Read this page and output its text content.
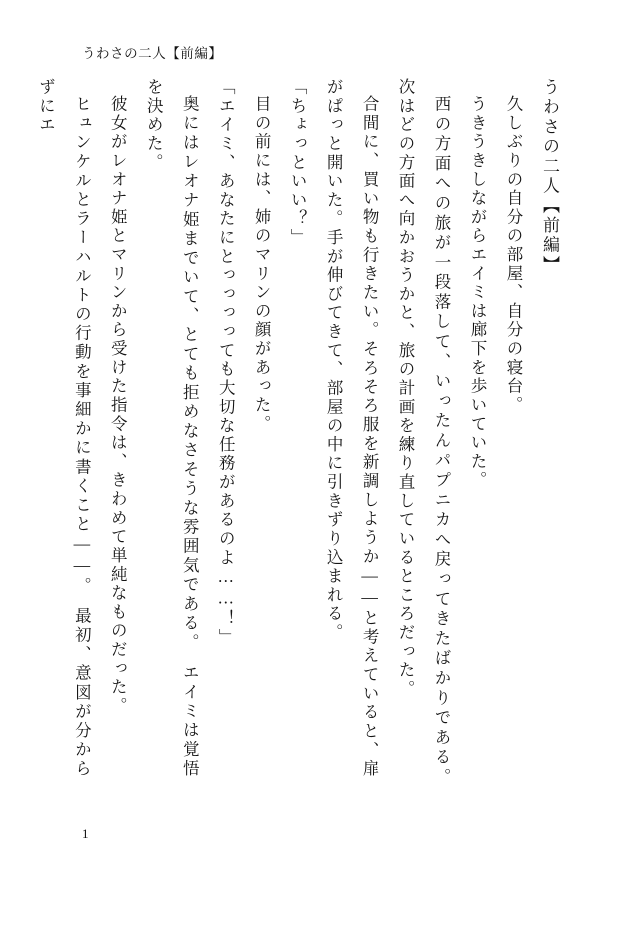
うわさの二人【前編】
うわさの二人【前編】
久しぶりの自分の部屋、自分の寝台。
うきうきしながらエイミは廊下を歩いていた。
西の方面への旅が一段落して、いったんパプニカへ戻ってきたばかりである。　次はどの方面へ向かおうかと、旅の計画を練り直しているところだった。
合間に、買い物も行きたい。そろそろ服を新調しようか――と考えていると、扉がぱっと開いた。手が伸びてきて、部屋の中に引きずり込まれる。
「ちょっといい？」
目の前には、姉のマリンの顔があった。
「エイミ、あなたにとっっっっても大切な任務があるのよ……！」
奥にはレオナ姫までいて、とても拒めなさそうな雰囲気である。　エイミは覚悟を決めた。
彼女がレオナ姫とマリンから受けた指令は、きわめて単純なものだった。
ヒュンケルとラーハルトの行動を事細かに書くこと――。　最初、意図が分からずにエ
1
